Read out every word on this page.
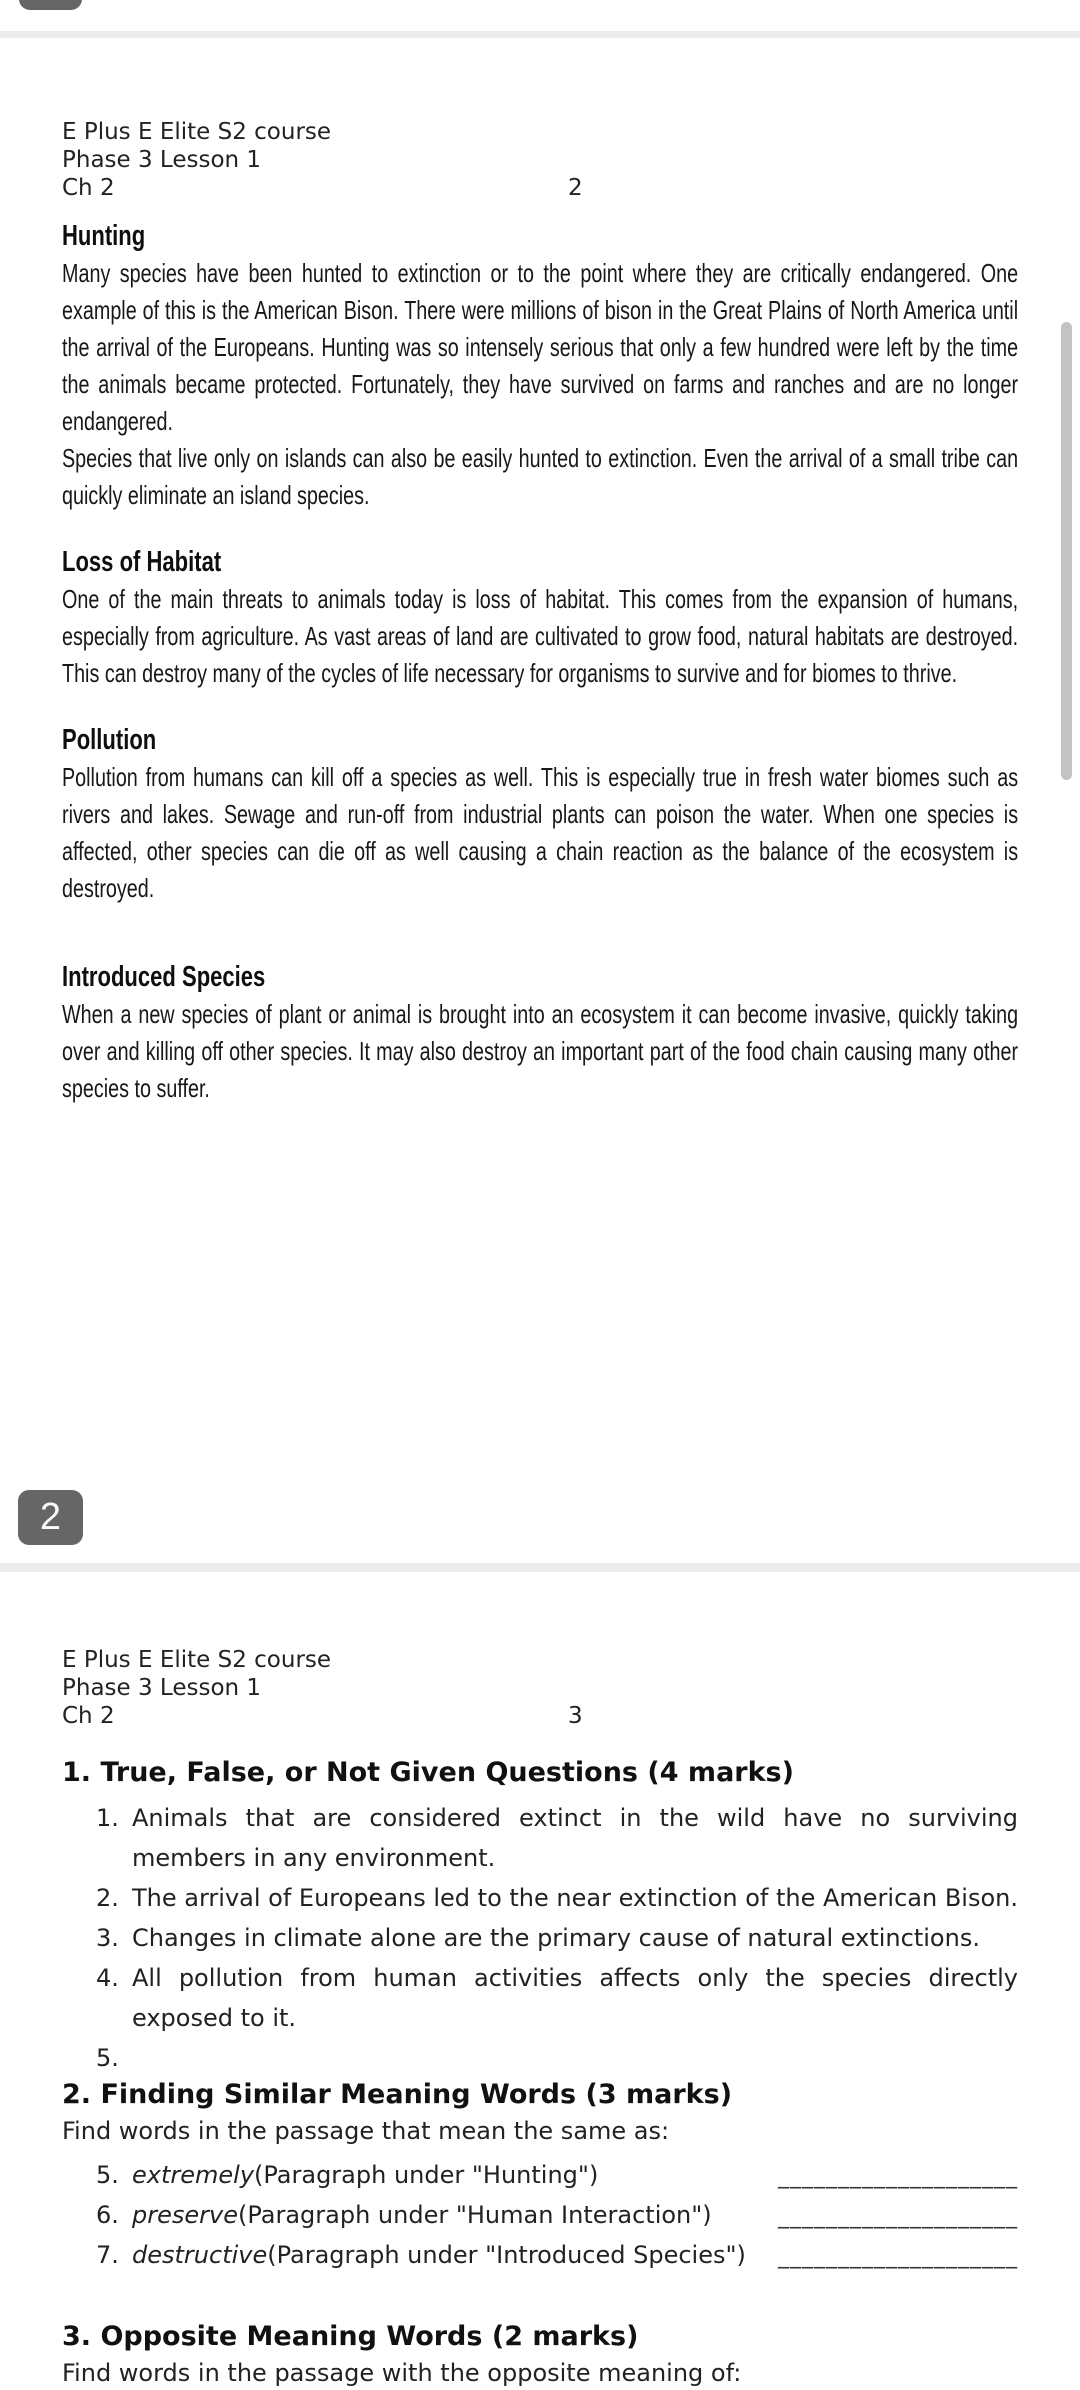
E Plus E Elite S2 course
Phase 3 Lesson 1
Ch 2	2
Hunting

Many species have been hunted to extinction or to the point where they are critically endangered. One example of this is the American Bison. There were millions of bison in the Great Plains of North America until the arrival of the Europeans. Hunting was so intensely serious that only a few hundred were left by the time the animals became protected. Fortunately, they have survived on farms and ranches and are no longer endangered.

Species that live only on islands can also be easily hunted to extinction. Even the arrival of a small tribe can quickly eliminate an island species.

Loss of Habitat

One of the main threats to animals today is loss of habitat. This comes from the expansion of humans, especially from agriculture. As vast areas of land are cultivated to grow food, natural habitats are destroyed. This can destroy many of the cycles of life necessary for organisms to survive and for biomes to thrive.

Pollution

Pollution from humans can kill off a species as well. This is especially true in fresh water biomes such as rivers and lakes. Sewage and run-off from industrial plants can poison the water. When one species is affected, other species can die off as well causing a chain reaction as the balance of the ecosystem is destroyed.

Introduced Species

When a new species of plant or animal is brought into an ecosystem it can become invasive, quickly taking over and killing off other species. It may also destroy an important part of the food chain causing many other species to suffer.

2
E Plus E Elite S2 course
Phase 3 Lesson 1
Ch 2	3
1. True, False, or Not Given Questions (4 marks)
1. Animals that are considered extinct in the wild have no surviving members in any environment.
2. The arrival of Europeans led to the near extinction of the American Bison.
3. Changes in climate alone are the primary cause of natural extinctions.
4. All pollution from human activities affects only the species directly exposed to it.
5.
2. Finding Similar Meaning Words (3 marks)
Find words in the passage that mean the same as:
5. extremely (Paragraph under "Hunting")	____________________
6. preserve (Paragraph under "Human Interaction")	____________________
7. destructive (Paragraph under "Introduced Species") ____________________
3. Opposite Meaning Words (2 marks)
Find words in the passage with the opposite meaning of:
